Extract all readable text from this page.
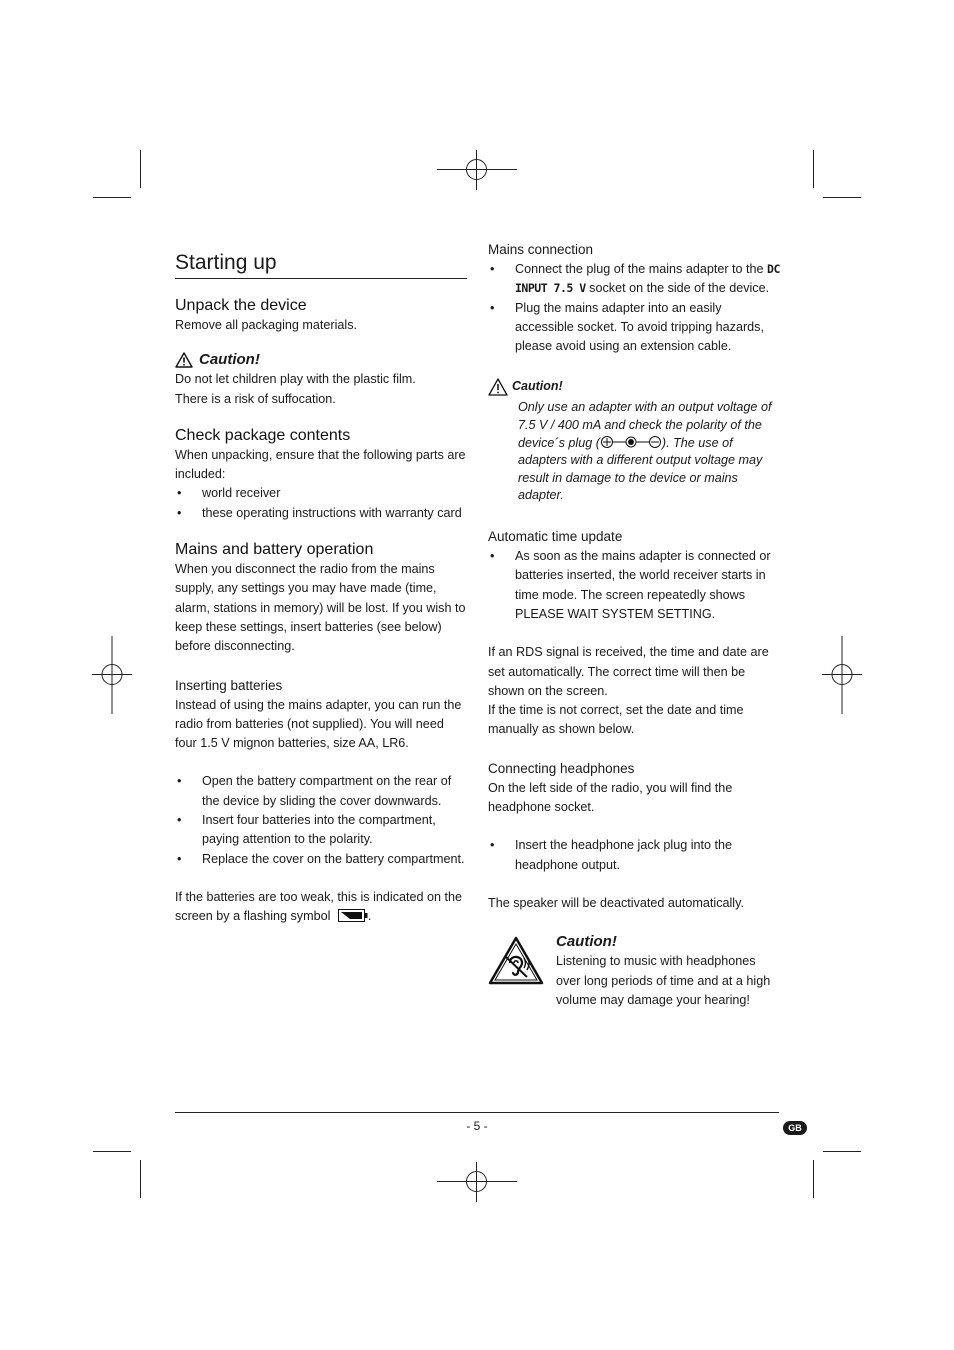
Starting up
Unpack the device

Remove all packaging materials.

Caution!

Do not let children play with the plastic film.

There is a risk of suffocation.

Check package contents

When unpacking, ensure that the following parts are included:

• world receiver
• these operating instructions with warranty card
Mains and battery operation

When you disconnect the radio from the mains supply, any settings you may have made (time, alarm, stations in memory) will be lost. If you wish to keep these settings, insert batteries (see below) before disconnecting.

Inserting batteries

Instead of using the mains adapter, you can run the radio from batteries (not supplied). You will need four 1.5 V mignon batteries, size AA, LR6.

• Open the battery compartment on the rear of the device by sliding the cover downwards.
• Insert four batteries into the compartment, paying attention to the polarity.
• Replace the cover on the battery compartment.

If the batteries are too weak, this is indicated on the screen by a flashing symbol	.

Mains connection
• Connect the plug of the mains adapter to the DC INPUT 7.5 V socket on the side of the device.
• Plug the mains adapter into an easily accessible socket. To avoid tripping hazards, please avoid using an extension cable.
Caution!

Only use an adapter with an output voltage of 7.5 V / 400 mA and check the polarity of the device´s plug (	). The use of adapters with a different output voltage may result in damage to the device or mains adapter.

Automatic time update
• As soon as the mains adapter is connected or batteries inserted, the world receiver starts in time mode. The screen repeatedly shows PLEASE WAIT SYSTEM SETTING.

If an RDS signal is received, the time and date are set automatically. The correct time will then be shown on the screen.

If the time is not correct, set the date and time manually as shown below.

Connecting headphones

On the left side of the radio, you will find the headphone socket.

• Insert the headphone jack plug into the headphone output.

The speaker will be deactivated automatically.

Caution!

Listening to music with headphones over long periods of time and at a high volume may damage your hearing!

- 5 -	GB
